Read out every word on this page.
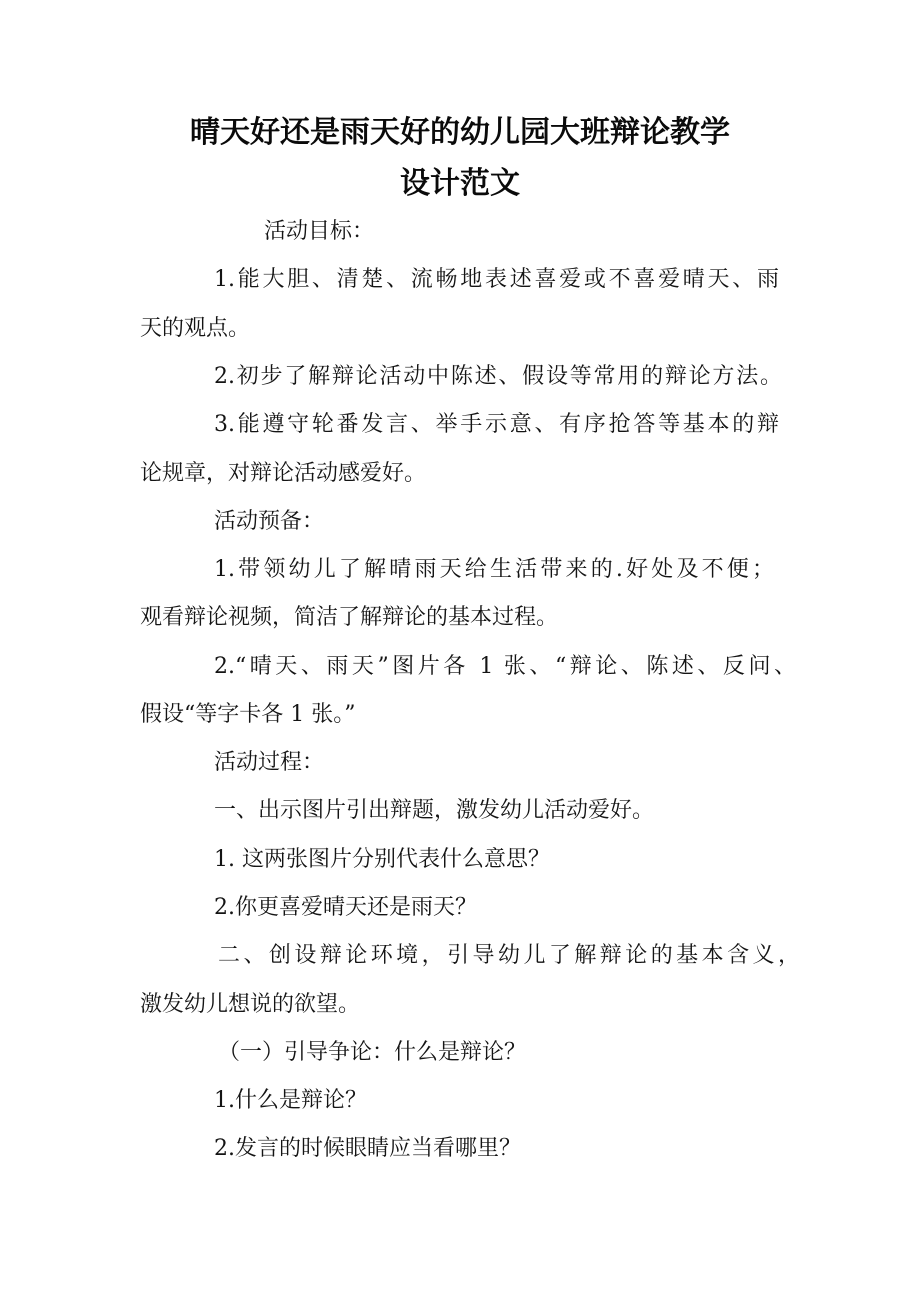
晴天好还是雨天好的幼儿园大班辩论教学
设计范文
活动目标：
1.能大胆、清楚、流畅地表述喜爱或不喜爱晴天、雨
天的观点。
2.初步了解辩论活动中陈述、假设等常用的辩论方法。
3.能遵守轮番发言、举手示意、有序抢答等基本的辩
论规章，对辩论活动感爱好。
活动预备：
1.带领幼儿了解晴雨天给生活带来的.好处及不便；
观看辩论视频，简洁了解辩论的基本过程。
2.“晴天、雨天”图片各 1 张、“辩论、陈述、反问、
假设“等字卡各 1 张。”
活动过程：
一、出示图片引出辩题，激发幼儿活动爱好。
1. 这两张图片分别代表什么意思？
2.你更喜爱晴天还是雨天？
二、创设辩论环境，引导幼儿了解辩论的基本含义，
激发幼儿想说的欲望。
（一）引导争论：什么是辩论？
1.什么是辩论？
2.发言的时候眼睛应当看哪里？
